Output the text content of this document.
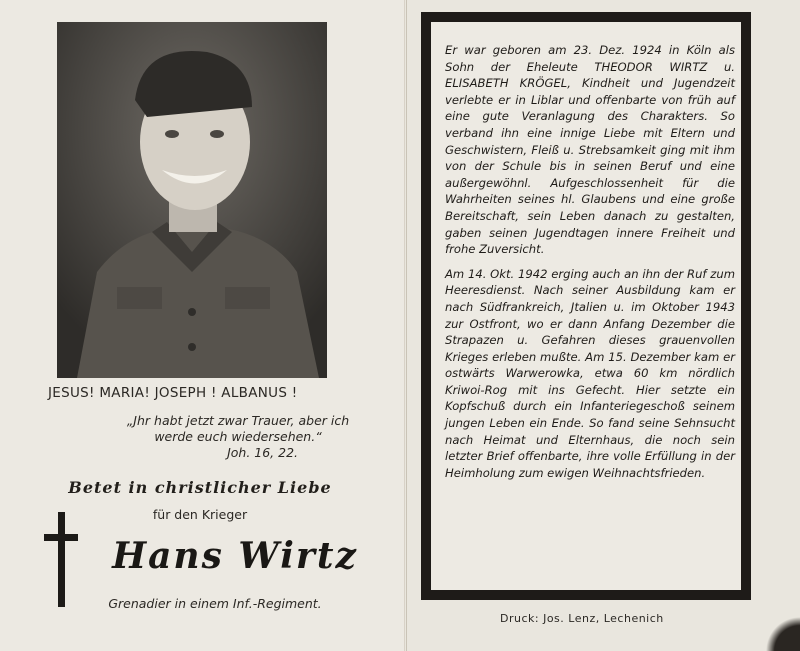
JESUS! MARIA! JOSEPH ! ALBANUS !
„Jhr habt jetzt zwar Trauer, aber ich werde euch wiedersehen.“
Joh. 16, 22.
Betet in christlicher Liebe
für den Krieger
Hans Wirtz
Grenadier in einem Inf.-Regiment.

Er war geboren am 23. Dez. 1924 in Köln als Sohn der Eheleute THEODOR WIRTZ u. ELISABETH KRÖGEL, Kindheit und Jugendzeit verlebte er in Liblar und offenbarte von früh auf eine gute Veranlagung des Charakters. So verband ihn eine innige Liebe mit Eltern und Geschwistern, Fleiß u. Strebsamkeit ging mit ihm von der Schule bis in seinen Beruf und eine außergewöhnl. Aufgeschlossenheit für die Wahrheiten seines hl. Glaubens und eine große Bereitschaft, sein Leben danach zu gestalten, gaben seinen Jugendtagen innere Freiheit und frohe Zuversicht.

Am 14. Okt. 1942 erging auch an ihn der Ruf zum Heeresdienst. Nach seiner Ausbildung kam er nach Südfrankreich, Jtalien u. im Oktober 1943 zur Ostfront, wo er dann Anfang Dezember die Strapazen u. Gefahren dieses grauenvollen Krieges erleben mußte. Am 15. Dezember kam er ostwärts Warwerowka, etwa 60 km nördlich Kriwoi-Rog mit ins Gefecht. Hier setzte ein Kopfschuß durch ein Infanteriegeschoß seinem jungen Leben ein Ende. So fand seine Sehnsucht nach Heimat und Elternhaus, die noch sein letzter Brief offenbarte, ihre volle Erfüllung in der Heimholung zum ewigen Weihnachtsfrieden.

Druck: Jos. Lenz, Lechenich
